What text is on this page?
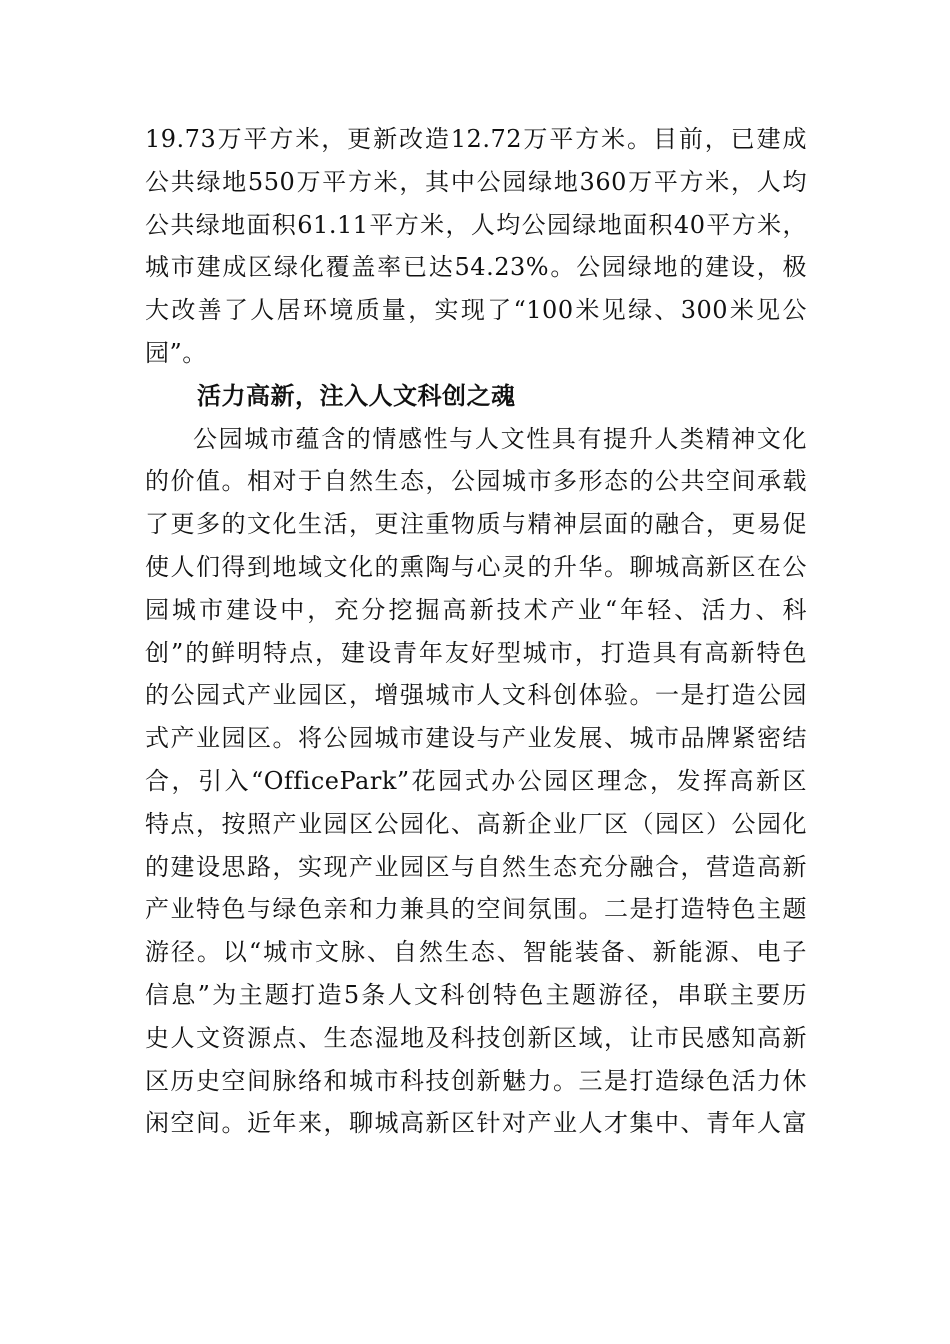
19.73万平方米，更新改造12.72万平方米。目前，已建成
公共绿地550万平方米，其中公园绿地360万平方米，人均
公共绿地面积61.11平方米，人均公园绿地面积40平方米，
城市建成区绿化覆盖率已达54.23%。公园绿地的建设，极
大改善了人居环境质量，实现了“100米见绿、300米见公
园”。
活力高新，注入人文科创之魂
公园城市蕴含的情感性与人文性具有提升人类精神文化
的价值。相对于自然生态，公园城市多形态的公共空间承载
了更多的文化生活，更注重物质与精神层面的融合，更易促
使人们得到地域文化的熏陶与心灵的升华。聊城高新区在公
园城市建设中，充分挖掘高新技术产业“年轻、活力、科
创”的鲜明特点，建设青年友好型城市，打造具有高新特色
的公园式产业园区，增强城市人文科创体验。一是打造公园
式产业园区。将公园城市建设与产业发展、城市品牌紧密结
合，引入“OfficePark”花园式办公园区理念，发挥高新区
特点，按照产业园区公园化、高新企业厂区（园区）公园化
的建设思路，实现产业园区与自然生态充分融合，营造高新
产业特色与绿色亲和力兼具的空间氛围。二是打造特色主题
游径。以“城市文脉、自然生态、智能装备、新能源、电子
信息”为主题打造5条人文科创特色主题游径，串联主要历
史人文资源点、生态湿地及科技创新区域，让市民感知高新
区历史空间脉络和城市科技创新魅力。三是打造绿色活力休
闲空间。近年来，聊城高新区针对产业人才集中、青年人富
